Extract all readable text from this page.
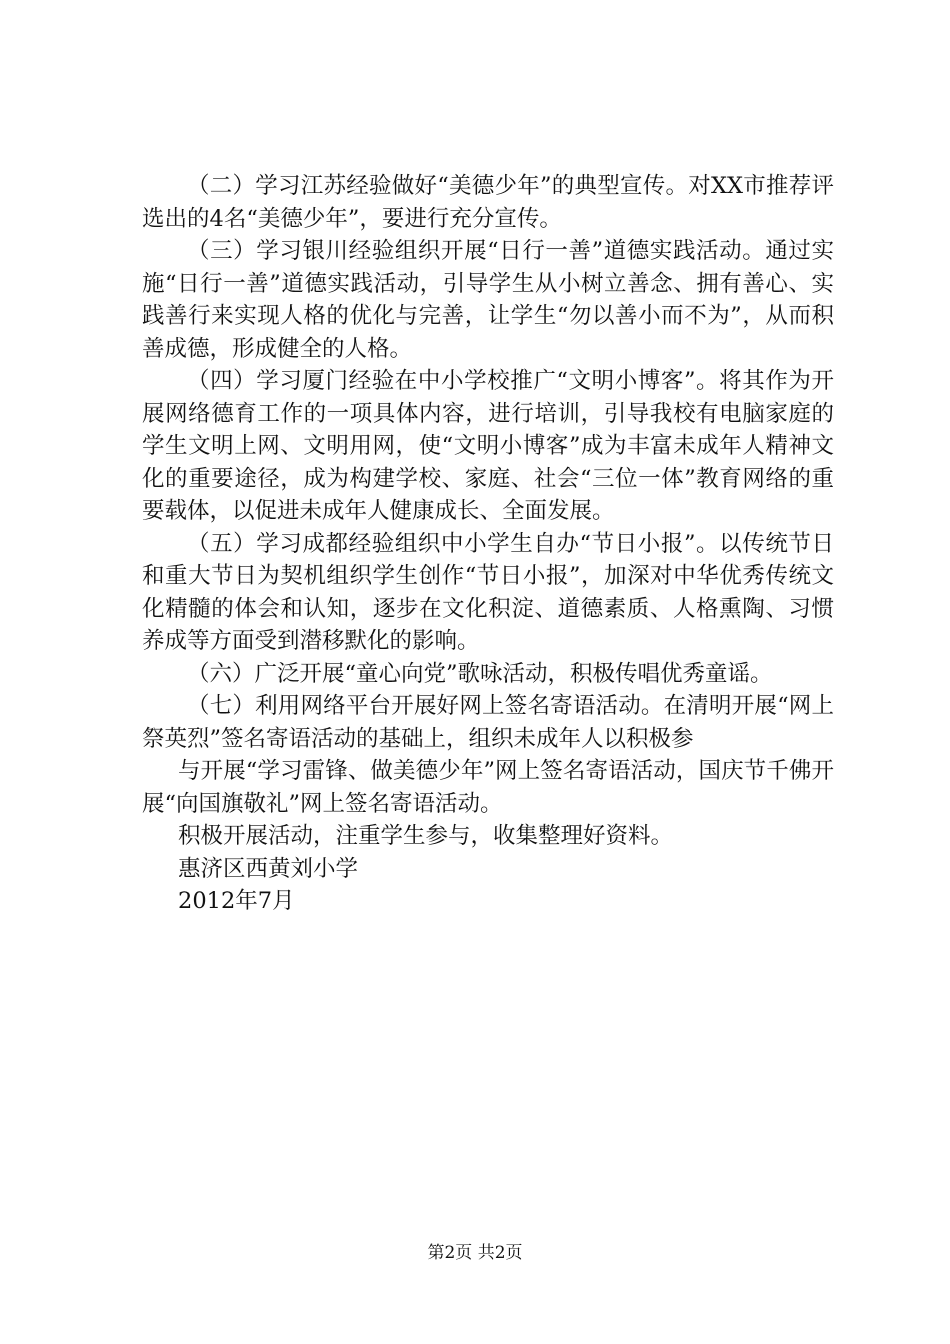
（二）学习江苏经验做好“美德少年”的典型宣传。对XX市推荐评选出的4名“美德少年”，要进行充分宣传。

（三）学习银川经验组织开展“日行一善”道德实践活动。通过实施“日行一善”道德实践活动，引导学生从小树立善念、拥有善心、实践善行来实现人格的优化与完善，让学生“勿以善小而不为”，从而积善成德，形成健全的人格。

（四）学习厦门经验在中小学校推广“文明小博客”。将其作为开展网络德育工作的一项具体内容，进行培训，引导我校有电脑家庭的学生文明上网、文明用网，使“文明小博客”成为丰富未成年人精神文化的重要途径，成为构建学校、家庭、社会“三位一体”教育网络的重要载体，以促进未成年人健康成长、全面发展。

（五）学习成都经验组织中小学生自办“节日小报”。以传统节日和重大节日为契机组织学生创作“节日小报”，加深对中华优秀传统文化精髓的体会和认知，逐步在文化积淀、道德素质、人格熏陶、习惯养成等方面受到潜移默化的影响。

（六）广泛开展“童心向党”歌咏活动，积极传唱优秀童谣。

（七）利用网络平台开展好网上签名寄语活动。在清明开展“网上祭英烈”签名寄语活动的基础上，组织未成年人以积极参

与开展“学习雷锋、做美德少年”网上签名寄语活动，国庆节千佛开展“向国旗敬礼”网上签名寄语活动。

积极开展活动，注重学生参与，收集整理好资料。

惠济区西黄刘小学

2012年7月

第2页 共2页
